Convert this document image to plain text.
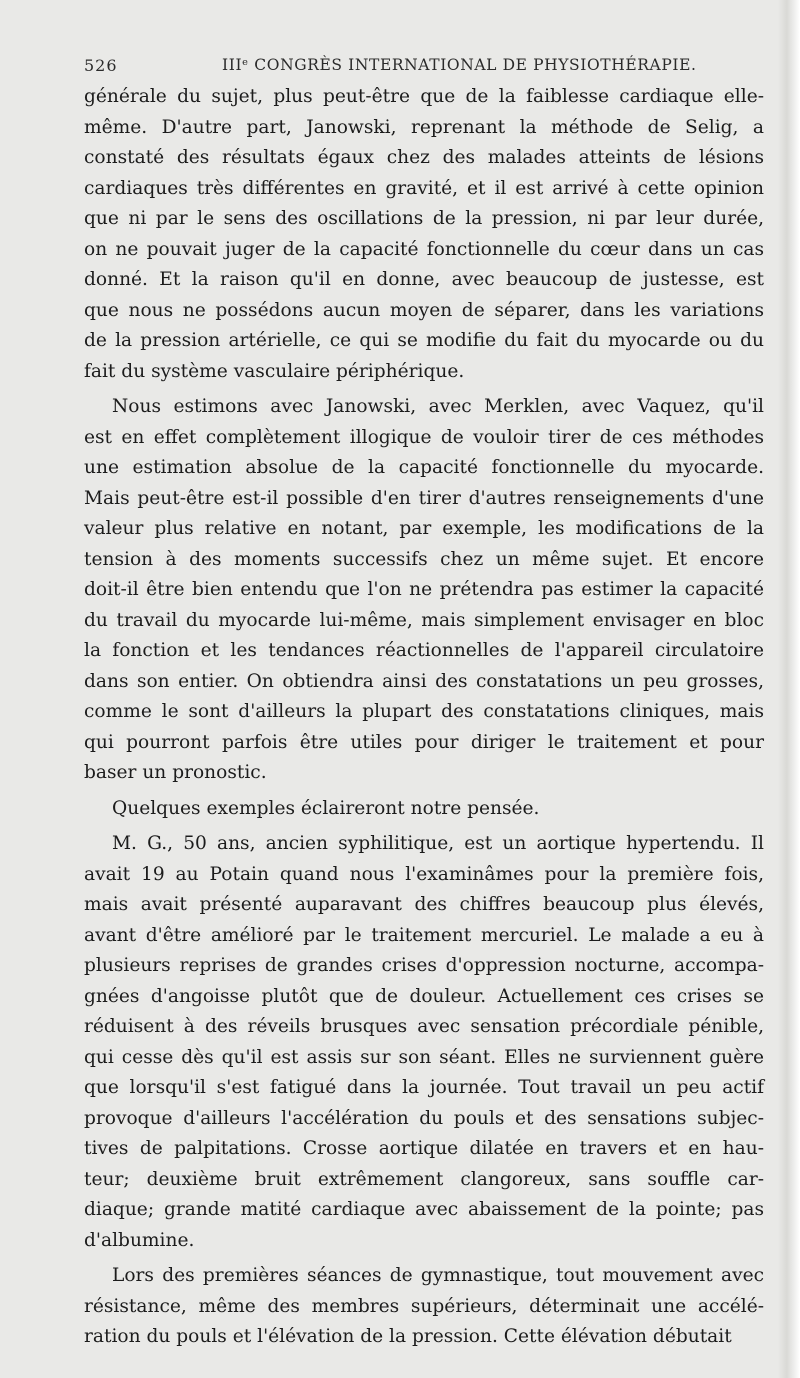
526	IIIᵉ CONGRÈS INTERNATIONAL DE PHYSIOTHÉRAPIE.
générale du sujet, plus peut-être que de la faiblesse cardiaque elle-
même. D'autre part, Janowski, reprenant la méthode de Selig, a
constaté des résultats égaux chez des malades atteints de lésions
cardiaques très différentes en gravité, et il est arrivé à cette opinion
que ni par le sens des oscillations de la pression, ni par leur durée,
on ne pouvait juger de la capacité fonctionnelle du cœur dans un cas
donné. Et la raison qu'il en donne, avec beaucoup de justesse, est
que nous ne possédons aucun moyen de séparer, dans les variations
de la pression artérielle, ce qui se modifie du fait du myocarde ou du
fait du système vasculaire périphérique.
Nous estimons avec Janowski, avec Merklen, avec Vaquez, qu'il
est en effet complètement illogique de vouloir tirer de ces méthodes
une estimation absolue de la capacité fonctionnelle du myocarde.
Mais peut-être est-il possible d'en tirer d'autres renseignements d'une
valeur plus relative en notant, par exemple, les modifications de la
tension à des moments successifs chez un même sujet. Et encore
doit-il être bien entendu que l'on ne prétendra pas estimer la capacité
du travail du myocarde lui-même, mais simplement envisager en bloc
la fonction et les tendances réactionnelles de l'appareil circulatoire
dans son entier. On obtiendra ainsi des constatations un peu grosses,
comme le sont d'ailleurs la plupart des constatations cliniques, mais
qui pourront parfois être utiles pour diriger le traitement et pour
baser un pronostic.
Quelques exemples éclaireront notre pensée.
M. G., 50 ans, ancien syphilitique, est un aortique hypertendu. Il
avait 19 au Potain quand nous l'examinâmes pour la première fois,
mais avait présenté auparavant des chiffres beaucoup plus élevés,
avant d'être amélioré par le traitement mercuriel. Le malade a eu à
plusieurs reprises de grandes crises d'oppression nocturne, accompa-
gnées d'angoisse plutôt que de douleur. Actuellement ces crises se
réduisent à des réveils brusques avec sensation précordiale pénible,
qui cesse dès qu'il est assis sur son séant. Elles ne surviennent guère
que lorsqu'il s'est fatigué dans la journée. Tout travail un peu actif
provoque d'ailleurs l'accélération du pouls et des sensations subjec-
tives de palpitations. Crosse aortique dilatée en travers et en hau-
teur; deuxième bruit extrêmement clangoreux, sans souffle car-
diaque; grande matité cardiaque avec abaissement de la pointe; pas
d'albumine.
Lors des premières séances de gymnastique, tout mouvement avec
résistance, même des membres supérieurs, déterminait une accélé-
ration du pouls et l'élévation de la pression. Cette élévation débutait
